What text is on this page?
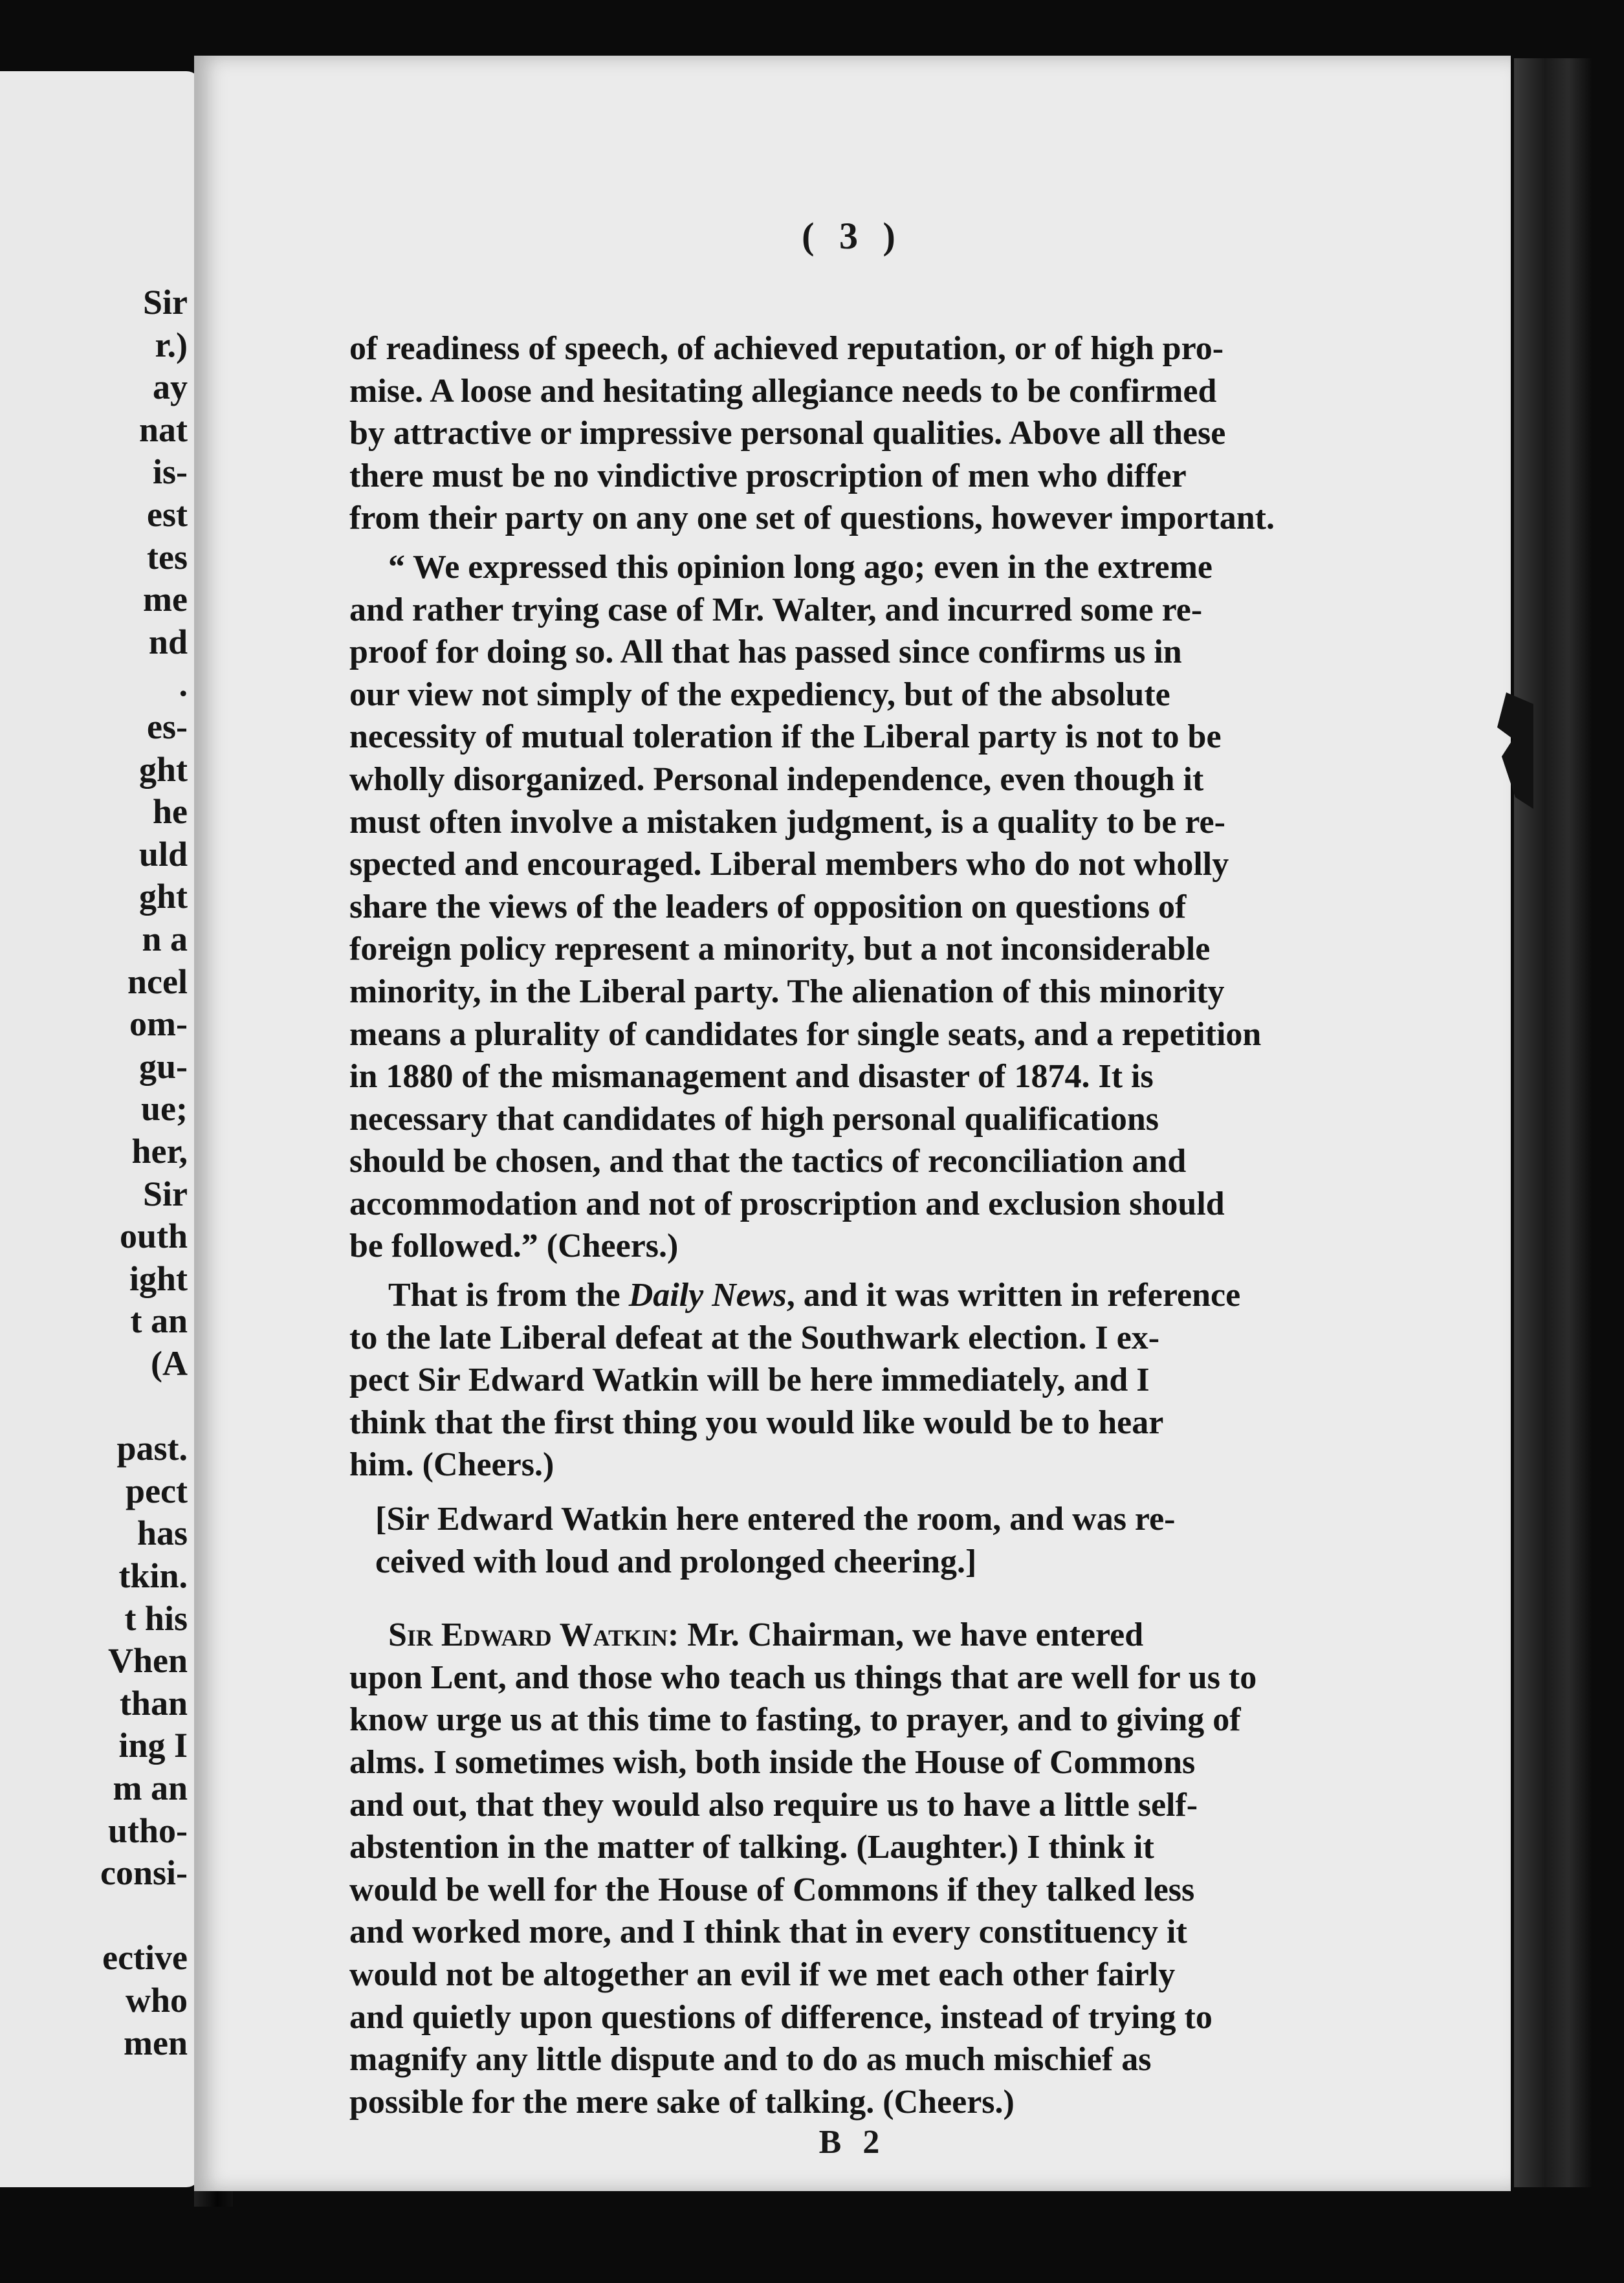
Sir
r.)
ay
nat
is-
est
tes
me
nd
.
es-
ght
he
uld
ght
n a
ncel
om-
gu-
ue;
her,
Sir
outh
ight
t an
(A
past.
pect
has
tkin.
t his
Vhen
than
ing I
m an
utho-
consi-
ective
who
men
( 3 )
of readiness of speech, of achieved reputation, or of high pro-
mise. A loose and hesitating allegiance needs to be confirmed
by attractive or impressive personal qualities. Above all these
there must be no vindictive proscription of men who differ
from their party on any one set of questions, however important.
“ We expressed this opinion long ago; even in the extreme
and rather trying case of Mr. Walter, and incurred some re-
proof for doing so. All that has passed since confirms us in
our view not simply of the expediency, but of the absolute
necessity of mutual toleration if the Liberal party is not to be
wholly disorganized. Personal independence, even though it
must often involve a mistaken judgment, is a quality to be re-
spected and encouraged. Liberal members who do not wholly
share the views of the leaders of opposition on questions of
foreign policy represent a minority, but a not inconsiderable
minority, in the Liberal party. The alienation of this minority
means a plurality of candidates for single seats, and a repetition
in 1880 of the mismanagement and disaster of 1874. It is
necessary that candidates of high personal qualifications
should be chosen, and that the tactics of reconciliation and
accommodation and not of proscription and exclusion should
be followed.” (Cheers.)
That is from the Daily News, and it was written in reference
to the late Liberal defeat at the Southwark election. I ex-
pect Sir Edward Watkin will be here immediately, and I
think that the first thing you would like would be to hear
him. (Cheers.)
[Sir Edward Watkin here entered the room, and was re-
ceived with loud and prolonged cheering.]
Sir Edward Watkin: Mr. Chairman, we have entered
upon Lent, and those who teach us things that are well for us to
know urge us at this time to fasting, to prayer, and to giving of
alms. I sometimes wish, both inside the House of Commons
and out, that they would also require us to have a little self-
abstention in the matter of talking. (Laughter.) I think it
would be well for the House of Commons if they talked less
and worked more, and I think that in every constituency it
would not be altogether an evil if we met each other fairly
and quietly upon questions of difference, instead of trying to
magnify any little dispute and to do as much mischief as
possible for the mere sake of talking. (Cheers.)
B 2
